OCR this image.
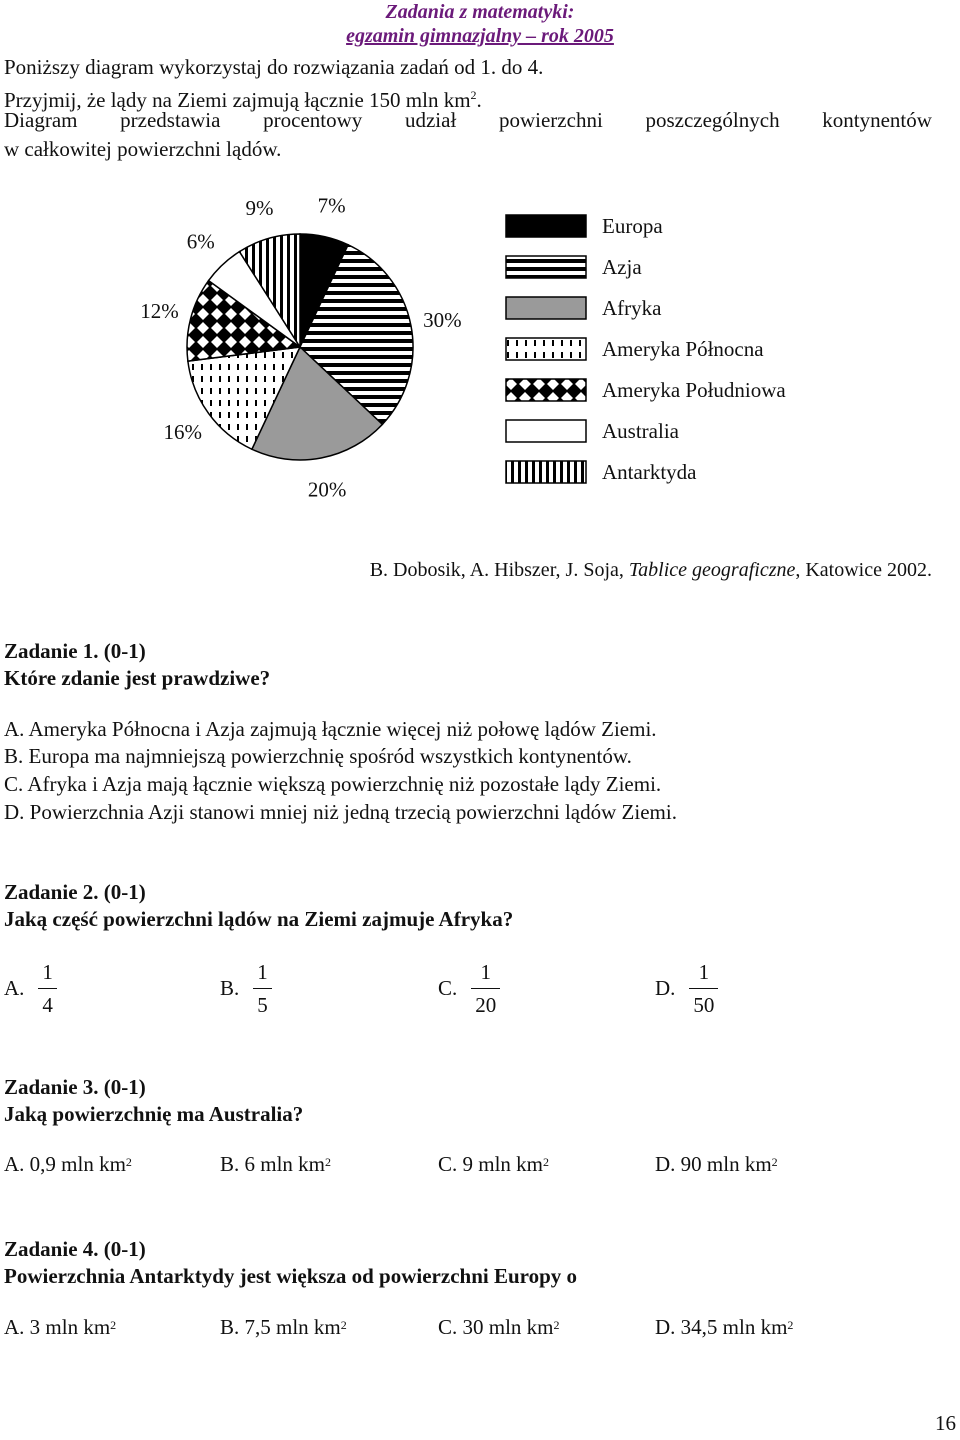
Zadania z matematyki:
egzamin gimnazjalny – rok 2005
Poniższy diagram wykorzystaj do rozwiązania zadań od 1. do 4.
Przyjmij, że lądy na Ziemi zajmują łącznie 150 mln $km^2$.
Diagram przedstawia procentowy udział powierzchni poszczególnych kontynentów
w całkowitej powierzchni lądów.
7%
30%
20%
16%
12%
6%
9%
Europa
Azja
Afryka
Ameryka Północna
Ameryka Południowa
Australia
Antarktyda
B. Dobosik, A. Hibszer, J. Soja, Tablice geograficzne, Katowice 2002.
Zadanie 1. (0-1)
Które zdanie jest prawdziwe?
A. Ameryka Północna i Azja zajmują łącznie więcej niż połowę lądów Ziemi.
B. Europa ma najmniejszą powierzchnię spośród wszystkich kontynentów.
C. Afryka i Azja mają łącznie większą powierzchnię niż pozostałe lądy Ziemi.
D. Powierzchnia Azji stanowi mniej niż jedną trzecią powierzchni lądów Ziemi.
Zadanie 2. (0-1)
Jaką część powierzchni lądów na Ziemi zajmuje Afryka?
A. $\frac{1}{4}$	B. $\frac{1}{5}$	C. $\frac{1}{20}$	D. $\frac{1}{50}$
Zadanie 3. (0-1)
Jaką powierzchnię ma Australia?
A. 0,9 mln $km^2$	B. 6 mln $km^2$	C. 9 mln $km^2$	D. 90 mln $km^2$
Zadanie 4. (0-1)
Powierzchnia Antarktydy jest większa od powierzchni Europy o
A. 3 mln $km^2$	B. 7,5 mln $km^2$	C. 30 mln $km^2$	D. 34,5 mln $km^2$
16
